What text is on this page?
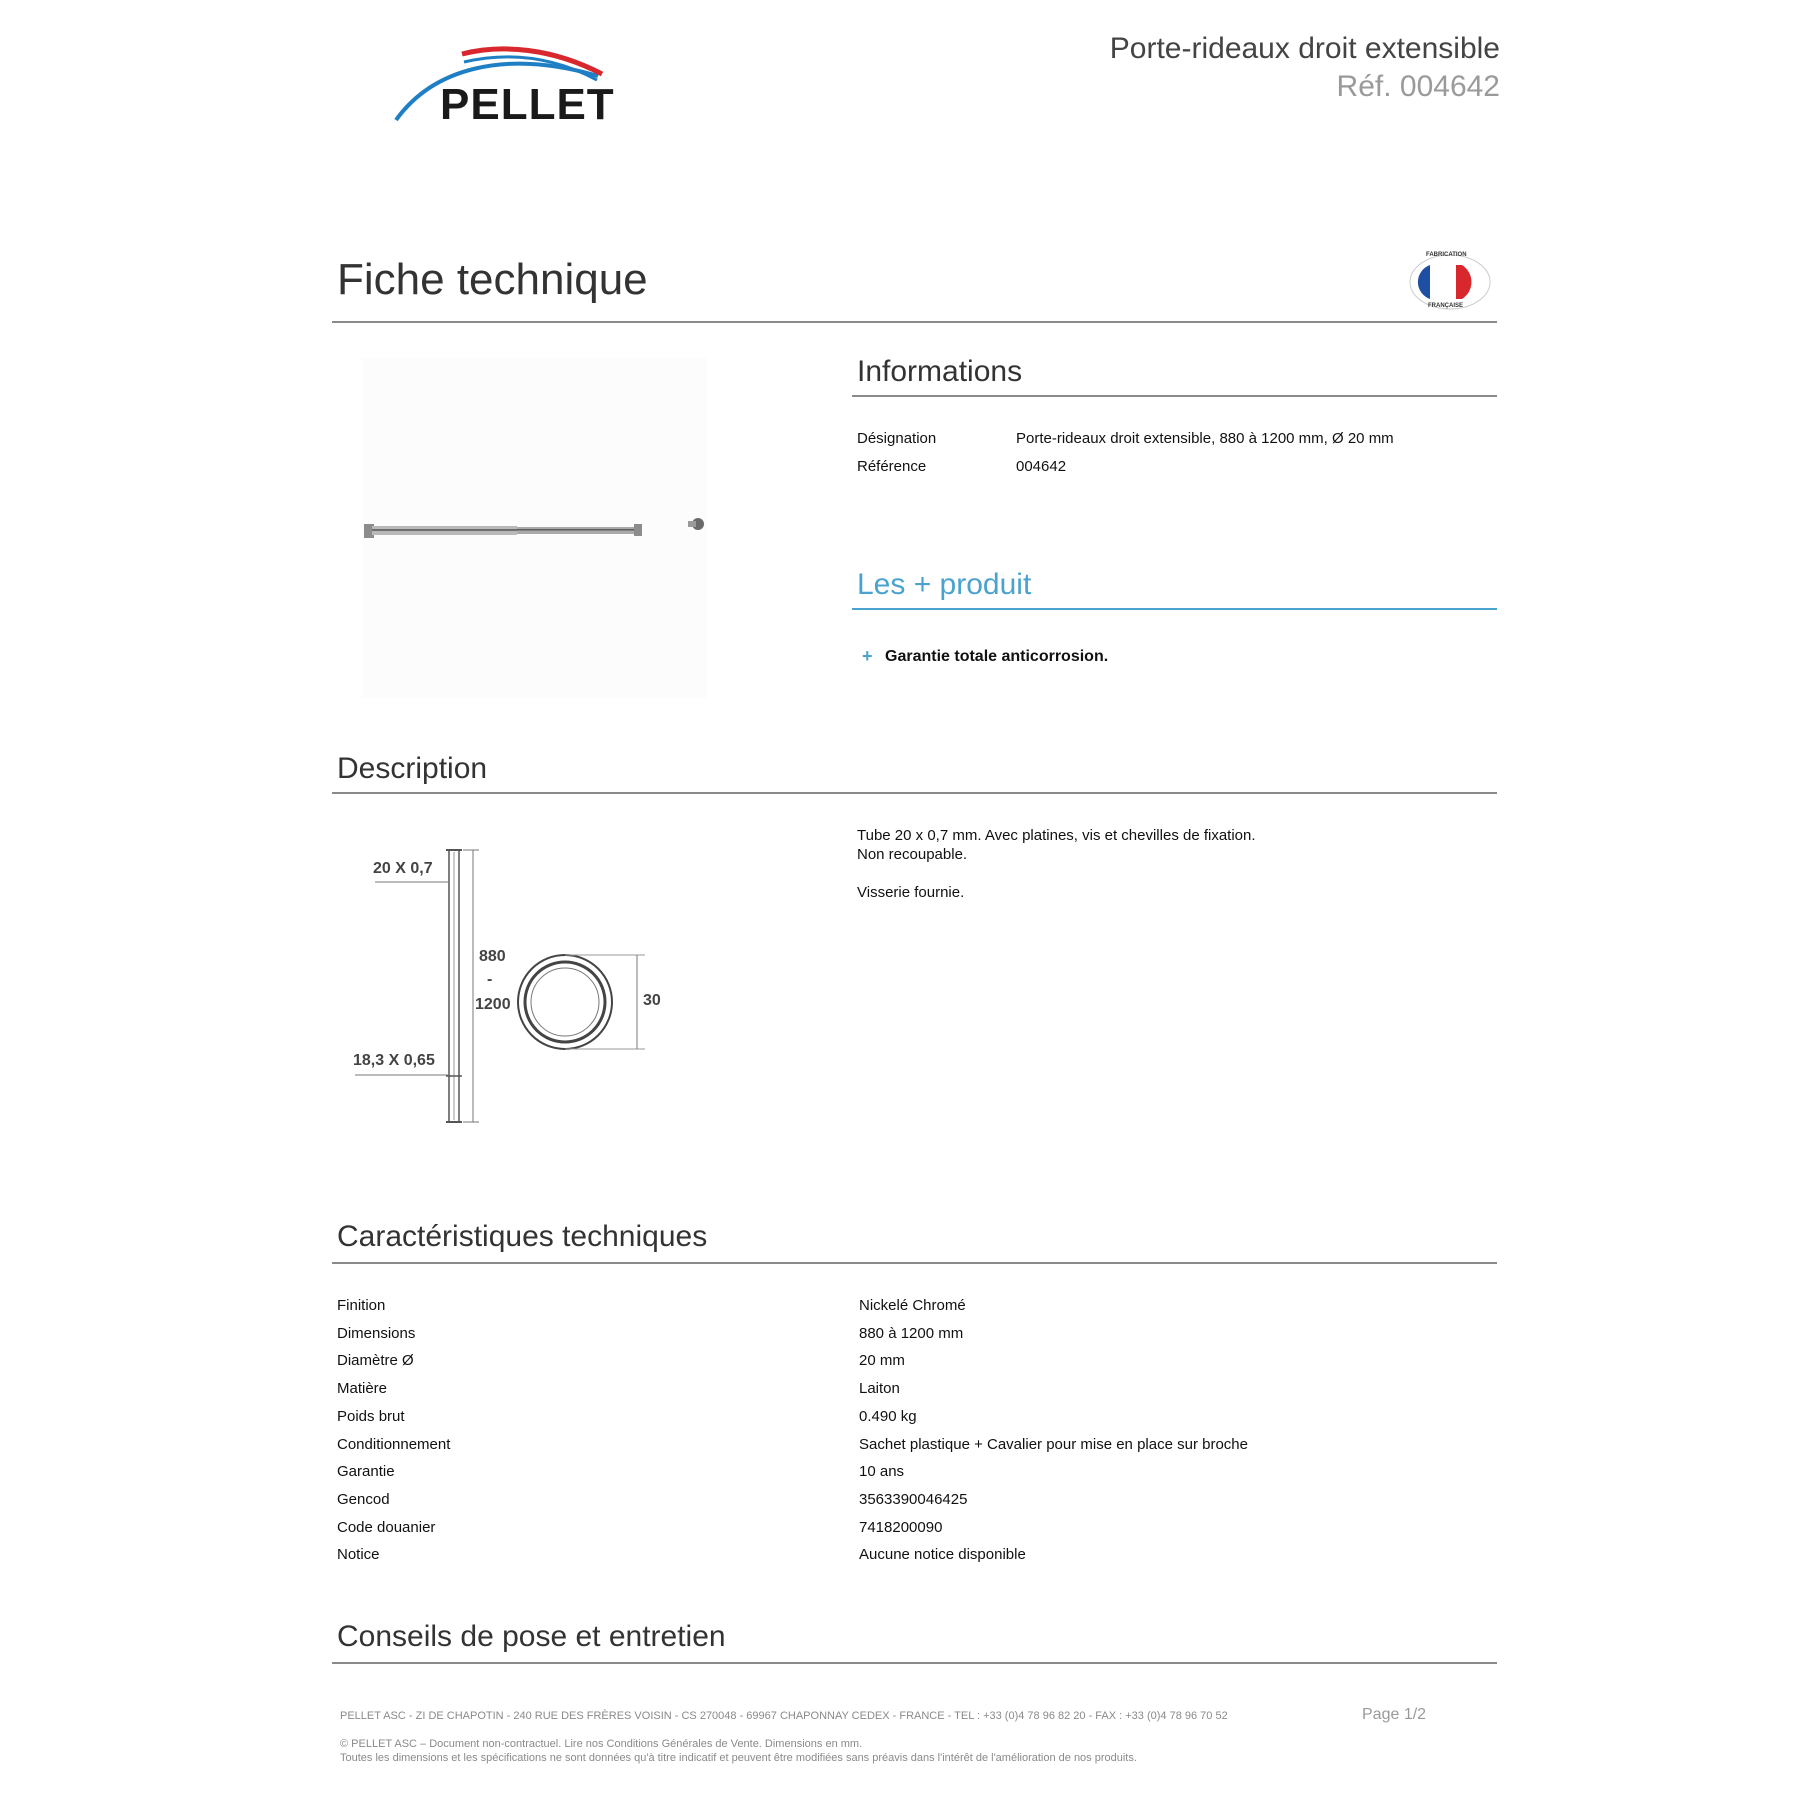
PELLET
Porte-rideaux droit extensible
Réf. 004642
Fiche technique	FABRICATION
FRANÇAISE
Informations
Désignation	Porte-rideaux droit extensible, 880 à 1200 mm, Ø 20 mm
Référence	004642
Les + produit
+ Garantie totale anticorrosion.
Description
Tube 20 x 0,7 mm. Avec platines, vis et chevilles de fixation.
Non recoupable.
Visserie fournie.
20 X 0,7
18,3 X 0,65
880
-
1200	30
Caractéristiques techniques
Finition	Nickelé Chromé
Dimensions	880 à 1200 mm
Diamètre Ø	20 mm
Matière	Laiton
Poids brut	0.490 kg
Conditionnement	Sachet plastique + Cavalier pour mise en place sur broche
Garantie	10 ans
Gencod	3563390046425
Code douanier	7418200090
Notice	Aucune notice disponible
Conseils de pose et entretien
PELLET ASC - ZI DE CHAPOTIN - 240 RUE DES FRÈRES VOISIN - CS 270048 - 69967 CHAPONNAY CEDEX - FRANCE - TEL : +33 (0)4 78 96 82 20 - FAX : +33 (0)4 78 96 70 52	Page 1/2
© PELLET ASC – Document non-contractuel. Lire nos Conditions Générales de Vente. Dimensions en mm.
Toutes les dimensions et les spécifications ne sont données qu'à titre indicatif et peuvent être modifiées sans préavis dans l'intérêt de l'amélioration de nos produits.
